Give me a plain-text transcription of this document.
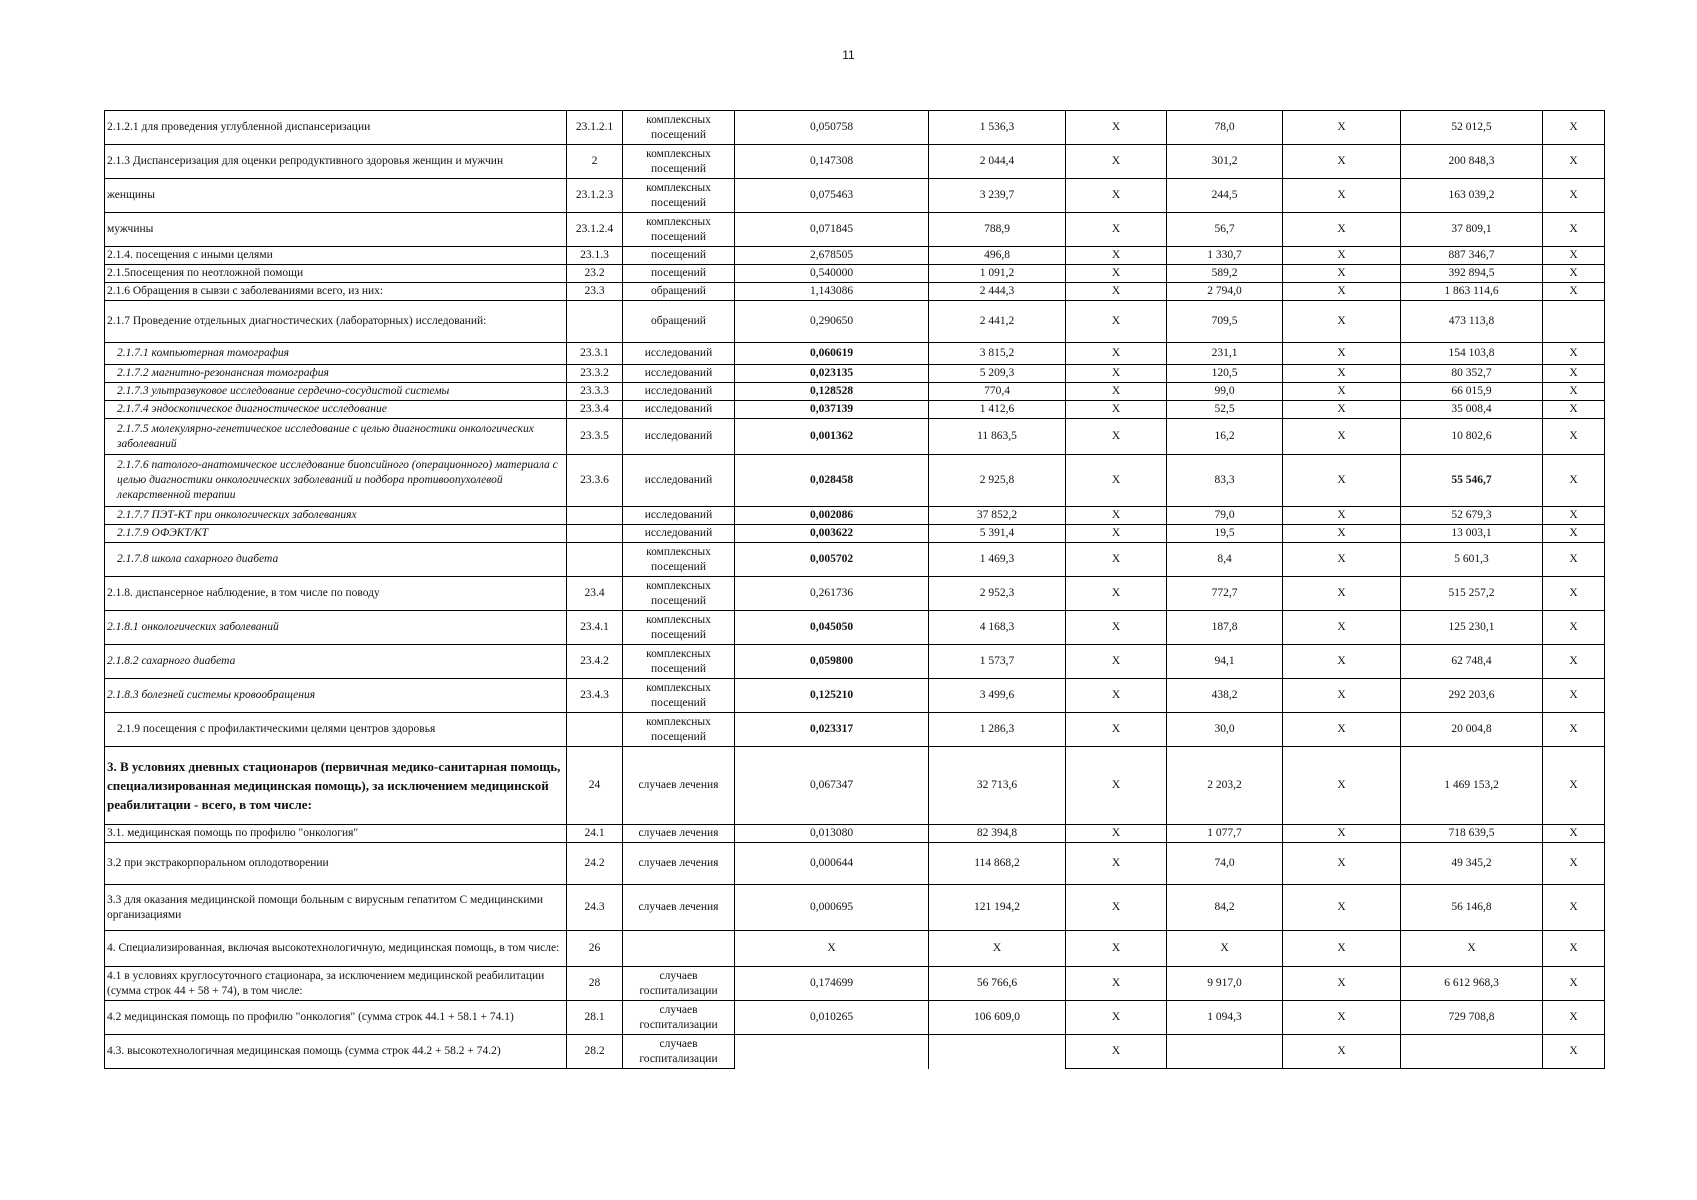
11
2.1.2.1 для проведения углубленной диспансеризации	23.1.2.1	комплексных посещений	0,050758	1 536,3	X	78,0	X	52 012,5	X
2.1.3 Диспансеризация для оценки репродуктивного здоровья женщин и мужчин	2	комплексных посещений	0,147308	2 044,4	X	301,2	X	200 848,3	X
женщины	23.1.2.3	комплексных посещений	0,075463	3 239,7	X	244,5	X	163 039,2	X
мужчины	23.1.2.4	комплексных посещений	0,071845	788,9	X	56,7	X	37 809,1	X
2.1.4. посещения с иными целями	23.1.3	посещений	2,678505	496,8	X	1 330,7	X	887 346,7	X
2.1.5посещения по неотложной помощи	23.2	посещений	0,540000	1 091,2	X	589,2	X	392 894,5	X
2.1.6 Обращения в сывзи с заболеваниями всего, из них:	23.3	обращений	1,143086	2 444,3	X	2 794,0	X	1 863 114,6	X
2.1.7 Проведение отдельных диагностических (лабораторных) исследований:		обращений	0,290650	2 441,2	X	709,5	X	473 113,8	
2.1.7.1 компьютерная томография	23.3.1	исследований	0,060619	3 815,2	X	231,1	X	154 103,8	X
2.1.7.2 магнитно-резонансная томография	23.3.2	исследований	0,023135	5 209,3	X	120,5	X	80 352,7	X
2.1.7.3 ультразвуковое исследование сердечно-сосудистой системы	23.3.3	исследований	0,128528	770,4	X	99,0	X	66 015,9	X
2.1.7.4 эндоскопическое диагностическое исследование	23.3.4	исследований	0,037139	1 412,6	X	52,5	X	35 008,4	X
2.1.7.5 молекулярно-генетическое исследование с целью диагностики онкологических заболеваний	23.3.5	исследований	0,001362	11 863,5	X	16,2	X	10 802,6	X
2.1.7.6 патолого-анатомическое исследование биопсийного (операционного) материала с целью диагностики онкологических заболеваний и подбора противоопухолевой лекарственной терапии	23.3.6	исследований	0,028458	2 925,8	X	83,3	X	55 546,7	X
2.1.7.7 ПЭТ-КТ при онкологических заболеваниях		исследований	0,002086	37 852,2	X	79,0	X	52 679,3	X
2.1.7.9 ОФЭКТ/КТ		исследований	0,003622	5 391,4	X	19,5	X	13 003,1	X
2.1.7.8 школа сахарного диабета		комплексных посещений	0,005702	1 469,3	X	8,4	X	5 601,3	X
2.1.8. диспансерное наблюдение, в том числе по поводу	23.4	комплексных посещений	0,261736	2 952,3	X	772,7	X	515 257,2	X
2.1.8.1 онкологических заболеваний	23.4.1	комплексных посещений	0,045050	4 168,3	X	187,8	X	125 230,1	X
2.1.8.2 сахарного диабета	23.4.2	комплексных посещений	0,059800	1 573,7	X	94,1	X	62 748,4	X
2.1.8.3 болезней системы кровообращения	23.4.3	комплексных посещений	0,125210	3 499,6	X	438,2	X	292 203,6	X
2.1.9 посещения с профилактическими целями центров здоровья		комплексных посещений	0,023317	1 286,3	X	30,0	X	20 004,8	X
3. В условиях дневных стационаров (первичная медико-санитарная помощь, специализированная медицинская помощь), за исключением медицинской реабилитации - всего, в том числе:	24	случаев лечения	0,067347	32 713,6	X	2 203,2	X	1 469 153,2	X
3.1. медицинская помощь по профилю "онкология"	24.1	случаев лечения	0,013080	82 394,8	X	1 077,7	X	718 639,5	X
3.2 при экстракорпоральном оплодотворении	24.2	случаев лечения	0,000644	114 868,2	X	74,0	X	49 345,2	X
3.3 для оказания медицинской помощи больным с вирусным гепатитом С медицинскими организациями	24.3	случаев лечения	0,000695	121 194,2	X	84,2	X	56 146,8	X
4. Специализированная, включая высокотехнологичную, медицинская помощь, в том числе:	26		X	X	X	X	X	X	X
4.1 в условиях круглосуточного стационара, за исключением медицинской реабилитации (сумма строк 44 + 58 + 74), в том числе:	28	случаев госпитализации	0,174699	56 766,6	X	9 917,0	X	6 612 968,3	X
4.2 медицинская помощь по профилю "онкология" (сумма строк 44.1 + 58.1 + 74.1)	28.1	случаев госпитализации	0,010265	106 609,0	X	1 094,3	X	729 708,8	X
4.3. высокотехнологичная медицинская помощь (сумма строк 44.2 + 58.2 + 74.2)	28.2	случаев госпитализации			X		X		X
